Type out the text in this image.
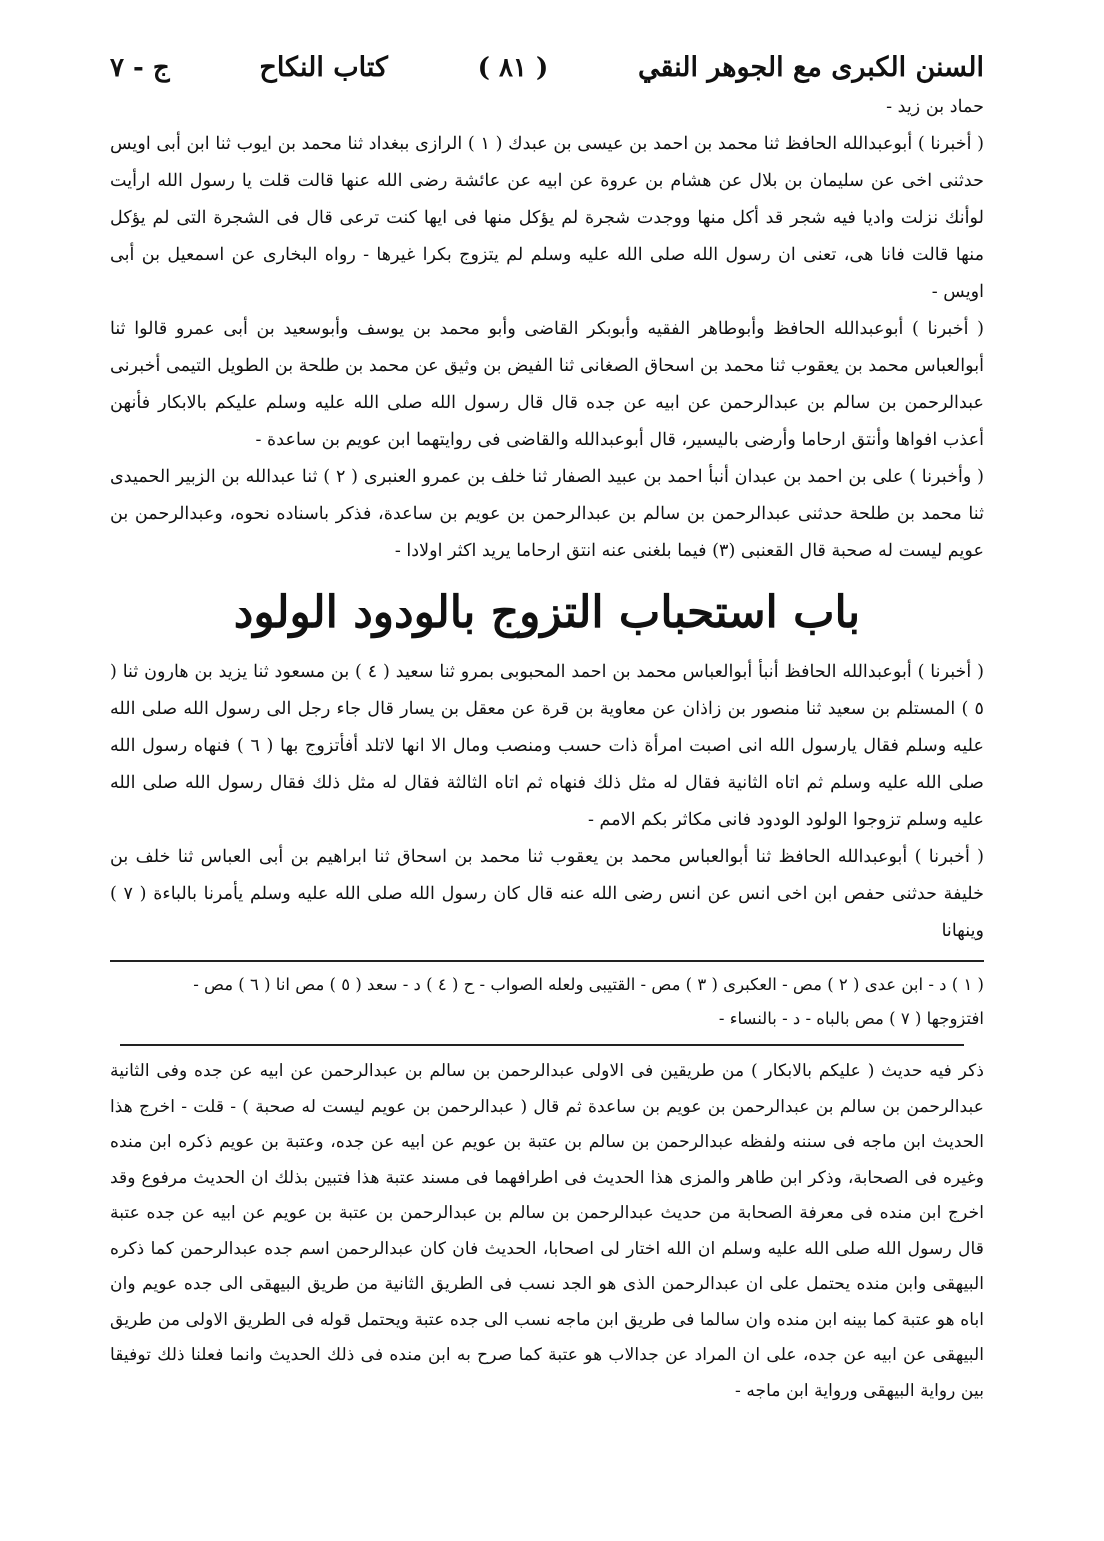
السنن الكبرى مع الجوهر النقي
( ٨١ )
كتاب النكاح
ج - ٧

حماد بن زيد -

( أخبرنا ) أبوعبدالله الحافظ ثنا محمد بن احمد بن عيسى بن عبدك ( ١ ) الرازى ببغداد ثنا محمد بن ايوب ثنا ابن أبى اويس حدثنى اخى عن سليمان بن بلال عن هشام بن عروة عن ابيه عن عائشة رضى الله عنها قالت قلت يا رسول الله ارأيت لوأنك نزلت واديا فيه شجر قد أكل منها ووجدت شجرة لم يؤكل منها فى ايها كنت ترعى قال فى الشجرة التى لم يؤكل منها قالت فانا هى، تعنى ان رسول الله صلى الله عليه وسلم لم يتزوج بكرا غيرها - رواه البخارى عن اسمعيل بن أبى اويس -

( أخبرنا ) أبوعبدالله الحافظ وأبوطاهر الفقيه وأبوبكر القاضى وأبو محمد بن يوسف وأبوسعيد بن أبى عمرو قالوا ثنا أبوالعباس محمد بن يعقوب ثنا محمد بن اسحاق الصغانى ثنا الفيض بن وثيق عن محمد بن طلحة بن الطويل التيمى أخبرنى عبدالرحمن بن سالم بن عبدالرحمن عن ابيه عن جده قال قال رسول الله صلى الله عليه وسلم عليكم بالابكار فأنهن أعذب افواها وأنتق ارحاما وأرضى باليسير، قال أبوعبدالله والقاضى فى روايتهما ابن عويم بن ساعدة -

( وأخبرنا ) على بن احمد بن عبدان أنبأ احمد بن عبيد الصفار ثنا خلف بن عمرو العنبرى ( ٢ ) ثنا عبدالله بن الزبير الحميدى ثنا محمد بن طلحة حدثنى عبدالرحمن بن سالم بن عبدالرحمن بن عويم بن ساعدة، فذكر باسناده نحوه، وعبدالرحمن بن عويم ليست له صحبة قال القعنبى (٣) فيما بلغنى عنه انتق ارحاما يريد اكثر اولادا -

باب استحباب التزوج بالودود الولود

( أخبرنا ) أبوعبدالله الحافظ أنبأ أبوالعباس محمد بن احمد المحبوبى بمرو ثنا سعيد ( ٤ ) بن مسعود ثنا يزيد بن هارون ثنا ( ٥ ) المستلم بن سعيد ثنا منصور بن زاذان عن معاوية بن قرة عن معقل بن يسار قال جاء رجل الى رسول الله صلى الله عليه وسلم فقال يارسول الله انى اصبت امرأة ذات حسب ومنصب ومال الا انها لاتلد أفأتزوج بها ( ٦ ) فنهاه رسول الله صلى الله عليه وسلم ثم اتاه الثانية فقال له مثل ذلك فنهاه ثم اتاه الثالثة فقال له مثل ذلك فقال رسول الله صلى الله عليه وسلم تزوجوا الولود الودود فانى مكاثر بكم الامم -

( أخبرنا ) أبوعبدالله الحافظ ثنا أبوالعباس محمد بن يعقوب ثنا محمد بن اسحاق ثنا ابراهيم بن أبى العباس ثنا خلف بن خليفة حدثنى حفص ابن اخى انس عن انس رضى الله عنه قال كان رسول الله صلى الله عليه وسلم يأمرنا بالباءة ( ٧ ) وينهانا

( ١ ) د - ابن عدى ( ٢ ) مص - العكبرى ( ٣ ) مص - القتيبى ولعله الصواب - ح ( ٤ ) د - سعد ( ٥ ) مص انا ( ٦ ) مص -

افتزوجها ( ٧ ) مص بالباه - د - بالنساء -

ذكر فيه حديث ( عليكم بالابكار ) من طريقين فى الاولى عبدالرحمن بن سالم بن عبدالرحمن عن ابيه عن جده وفى الثانية عبدالرحمن بن سالم بن عبدالرحمن بن عويم بن ساعدة ثم قال ( عبدالرحمن بن عويم ليست له صحبة ) - قلت - اخرج هذا الحديث ابن ماجه فى سننه ولفظه عبدالرحمن بن سالم بن عتبة بن عويم عن ابيه عن جده، وعتبة بن عويم ذكره ابن منده وغيره فى الصحابة، وذكر ابن طاهر والمزى هذا الحديث فى اطرافهما فى مسند عتبة هذا فتبين بذلك ان الحديث مرفوع وقد اخرج ابن منده فى معرفة الصحابة من حديث عبدالرحمن بن سالم بن عبدالرحمن بن عتبة بن عويم عن ابيه عن جده عتبة قال رسول الله صلى الله عليه وسلم ان الله اختار لى اصحابا، الحديث فان كان عبدالرحمن اسم جده عبدالرحمن كما ذكره البيهقى وابن منده يحتمل على ان عبدالرحمن الذى هو الجد نسب فى الطريق الثانية من طريق البيهقى الى جده عويم وان اباه هو عتبة كما بينه ابن منده وان سالما فى طريق ابن ماجه نسب الى جده عتبة ويحتمل قوله فى الطريق الاولى من طريق البيهقى عن ابيه عن جده، على ان المراد عن جدالاب هو عتبة كما صرح به ابن منده فى ذلك الحديث وانما فعلنا ذلك توفيقا بين رواية البيهقى ورواية ابن ماجه -
